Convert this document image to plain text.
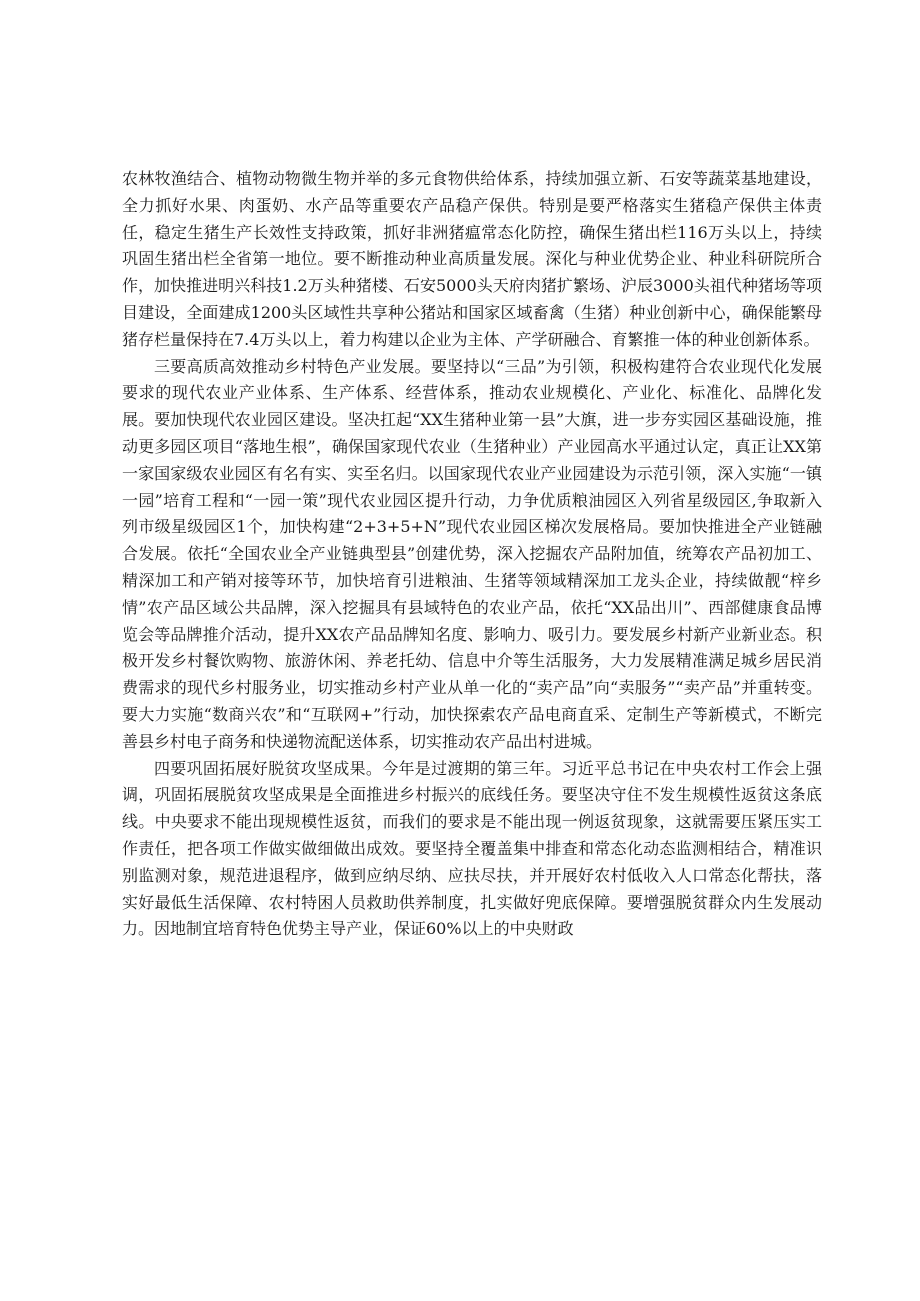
农林牧渔结合、植物动物微生物并举的多元食物供给体系，持续加强立新、石安等蔬菜基地建设，全力抓好水果、肉蛋奶、水产品等重要农产品稳产保供。特别是要严格落实生猪稳产保供主体责任，稳定生猪生产长效性支持政策，抓好非洲猪瘟常态化防控，确保生猪出栏116万头以上，持续巩固生猪出栏全省第一地位。要不断推动种业高质量发展。深化与种业优势企业、种业科研院所合作，加快推进明兴科技1.2万头种猪楼、石安5000头天府肉猪扩繁场、沪辰3000头祖代种猪场等项目建设，全面建成1200头区域性共享种公猪站和国家区域畜禽（生猪）种业创新中心，确保能繁母猪存栏量保持在7.4万头以上，着力构建以企业为主体、产学研融合、育繁推一体的种业创新体系。

三要高质高效推动乡村特色产业发展。要坚持以“三品”为引领，积极构建符合农业现代化发展要求的现代农业产业体系、生产体系、经营体系，推动农业规模化、产业化、标准化、品牌化发展。要加快现代农业园区建设。坚决扛起“XX生猪种业第一县”大旗，进一步夯实园区基础设施，推动更多园区项目“落地生根”，确保国家现代农业（生猪种业）产业园高水平通过认定，真正让XX第一家国家级农业园区有名有实、实至名归。以国家现代农业产业园建设为示范引领，深入实施“一镇一园”培育工程和“一园一策”现代农业园区提升行动，力争优质粮油园区入列省星级园区,争取新入列市级星级园区1个，加快构建“2+3+5+N”现代农业园区梯次发展格局。要加快推进全产业链融合发展。依托“全国农业全产业链典型县”创建优势，深入挖掘农产品附加值，统筹农产品初加工、精深加工和产销对接等环节，加快培育引进粮油、生猪等领域精深加工龙头企业，持续做靓“梓乡情”农产品区域公共品牌，深入挖掘具有县域特色的农业产品，依托“XX品出川”、西部健康食品博览会等品牌推介活动，提升XX农产品品牌知名度、影响力、吸引力。要发展乡村新产业新业态。积极开发乡村餐饮购物、旅游休闲、养老托幼、信息中介等生活服务，大力发展精准满足城乡居民消费需求的现代乡村服务业，切实推动乡村产业从单一化的“卖产品”向“卖服务”“卖产品”并重转变。要大力实施“数商兴农”和“互联网+”行动，加快探索农产品电商直采、定制生产等新模式，不断完善县乡村电子商务和快递物流配送体系，切实推动农产品出村进城。

四要巩固拓展好脱贫攻坚成果。今年是过渡期的第三年。习近平总书记在中央农村工作会上强调，巩固拓展脱贫攻坚成果是全面推进乡村振兴的底线任务。要坚决守住不发生规模性返贫这条底线。中央要求不能出现规模性返贫，而我们的要求是不能出现一例返贫现象，这就需要压紧压实工作责任，把各项工作做实做细做出成效。要坚持全覆盖集中排查和常态化动态监测相结合，精准识别监测对象，规范进退程序，做到应纳尽纳、应扶尽扶，并开展好农村低收入人口常态化帮扶，落实好最低生活保障、农村特困人员救助供养制度，扎实做好兜底保障。要增强脱贫群众内生发展动力。因地制宜培育特色优势主导产业，保证60%以上的中央财政
